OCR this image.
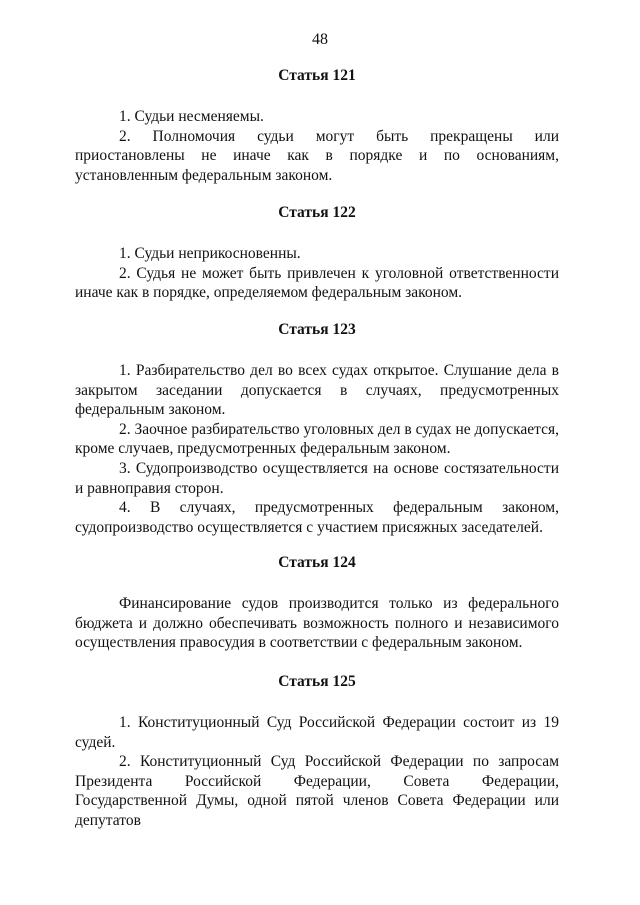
48
Статья 121

1. Судьи несменяемы.

2. Полномочия судьи могут быть прекращены или приостановлены не иначе как в порядке и по основаниям, установленным федеральным законом.

Статья 122

1. Судьи неприкосновенны.

2. Судья не может быть привлечен к уголовной ответственности иначе как в порядке, определяемом федеральным законом.

Статья 123

1. Разбирательство дел во всех судах открытое. Слушание дела в закрытом заседании допускается в случаях, предусмотренных федеральным законом.

2. Заочное разбирательство уголовных дел в судах не допускается, кроме случаев, предусмотренных федеральным законом.

3. Судопроизводство осуществляется на основе состязательности и равноправия сторон.

4. В случаях, предусмотренных федеральным законом, судопроизводство осуществляется с участием присяжных заседателей.

Статья 124

Финансирование судов производится только из федерального бюджета и должно обеспечивать возможность полного и независимого осуществления правосудия в соответствии с федеральным законом.

Статья 125

1. Конституционный Суд Российской Федерации состоит из 19 судей.

2. Конституционный Суд Российской Федерации по запросам Президента Российской Федерации, Совета Федерации, Государственной Думы, одной пятой членов Совета Федерации или депутатов
